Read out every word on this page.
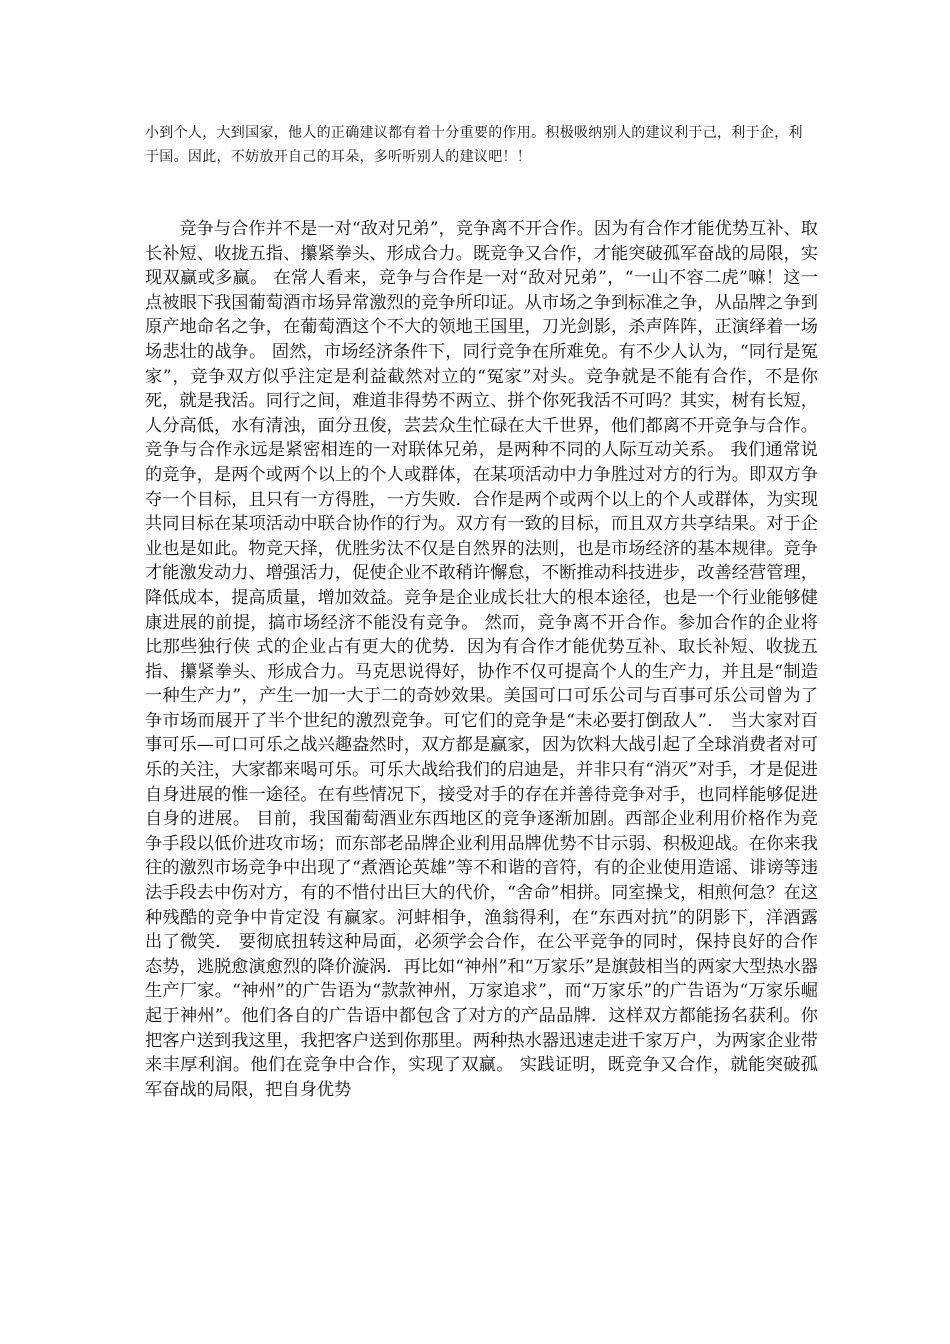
小到个人，大到国家，他人的正确建议都有着十分重要的作用。积极吸纳别人的建议利于己，利于企，利于国。因此，不妨放开自己的耳朵，多听听别人的建议吧！！

竞争与合作并不是一对“敌对兄弟”，竞争离不开合作。因为有合作才能优势互补、取长补短、收拢五指、攥紧拳头、形成合力。既竞争又合作，才能突破孤军奋战的局限，实现双赢或多赢。 在常人看来，竞争与合作是一对“敌对兄弟”，“一山不容二虎”嘛！这一点被眼下我国葡萄酒市场异常激烈的竞争所印证。从市场之争到标准之争，从品牌之争到原产地命名之争，在葡萄酒这个不大的领地王国里，刀光剑影，杀声阵阵，正演绎着一场场悲壮的战争。 固然，市场经济条件下，同行竞争在所难免。有不少人认为，“同行是冤家”，竞争双方似乎注定是利益截然对立的“冤家”对头。竞争就是不能有合作，不是你死，就是我活。同行之间，难道非得势不两立、拼个你死我活不可吗？其实，树有长短，人分高低，水有清浊，面分丑俊，芸芸众生忙碌在大千世界，他们都离不开竞争与合作。竞争与合作永远是紧密相连的一对联体兄弟，是两种不同的人际互动关系。 我们通常说的竞争，是两个或两个以上的个人或群体，在某项活动中力争胜过对方的行为。即双方争夺一个目标，且只有一方得胜，一方失败．合作是两个或两个以上的个人或群体，为实现共同目标在某项活动中联合协作的行为。双方有一致的目标，而且双方共享结果。对于企业也是如此。物竞天择，优胜劣汰不仅是自然界的法则，也是市场经济的基本规律。竞争才能激发动力、增强活力，促使企业不敢稍许懈怠，不断推动科技进步，改善经营管理，降低成本，提高质量，增加效益。竞争是企业成长壮大的根本途径，也是一个行业能够健康进展的前提，搞市场经济不能没有竞争。 然而，竞争离不开合作。参加合作的企业将比那些独行侠 式的企业占有更大的优势．因为有合作才能优势互补、取长补短、收拢五指、攥紧拳头、形成合力。马克思说得好，协作不仅可提高个人的生产力，并且是“制造一种生产力”，产生一加一大于二的奇妙效果。美国可口可乐公司与百事可乐公司曾为了争市场而展开了半个世纪的激烈竞争。可它们的竞争是“未必要打倒敌人”． 当大家对百事可乐—可口可乐之战兴趣盎然时，双方都是赢家，因为饮料大战引起了全球消费者对可乐的关注，大家都来喝可乐。可乐大战给我们的启迪是，并非只有“消灭”对手，才是促进自身进展的惟一途径。在有些情况下，接受对手的存在并善待竞争对手，也同样能够促进自身的进展。 目前，我国葡萄酒业东西地区的竞争逐渐加剧。西部企业利用价格作为竞争手段以低价进攻市场；而东部老品牌企业利用品牌优势不甘示弱、积极迎战。在你来我往的激烈市场竞争中出现了“煮酒论英雄”等不和谐的音符，有的企业使用造谣、诽谤等违法手段去中伤对方，有的不惜付出巨大的代价，“舍命”相拼。同室操戈，相煎何急？在这种残酷的竞争中肯定没 有赢家。河蚌相争，渔翁得利，在“东西对抗”的阴影下，洋酒露出了微笑． 要彻底扭转这种局面，必须学会合作，在公平竞争的同时，保持良好的合作态势，逃脱愈演愈烈的降价漩涡．再比如“神州”和“万家乐”是旗鼓相当的两家大型热水器生产厂家。“神州”的广告语为“款款神州，万家追求”，而“万家乐”的广告语为“万家乐崛起于神州”。他们各自的广告语中都包含了对方的产品品牌．这样双方都能扬名获利。你把客户送到我这里，我把客户送到你那里。两种热水器迅速走进千家万户，为两家企业带来丰厚利润。他们在竞争中合作，实现了双赢。 实践证明，既竞争又合作，就能突破孤军奋战的局限，把自身优势
